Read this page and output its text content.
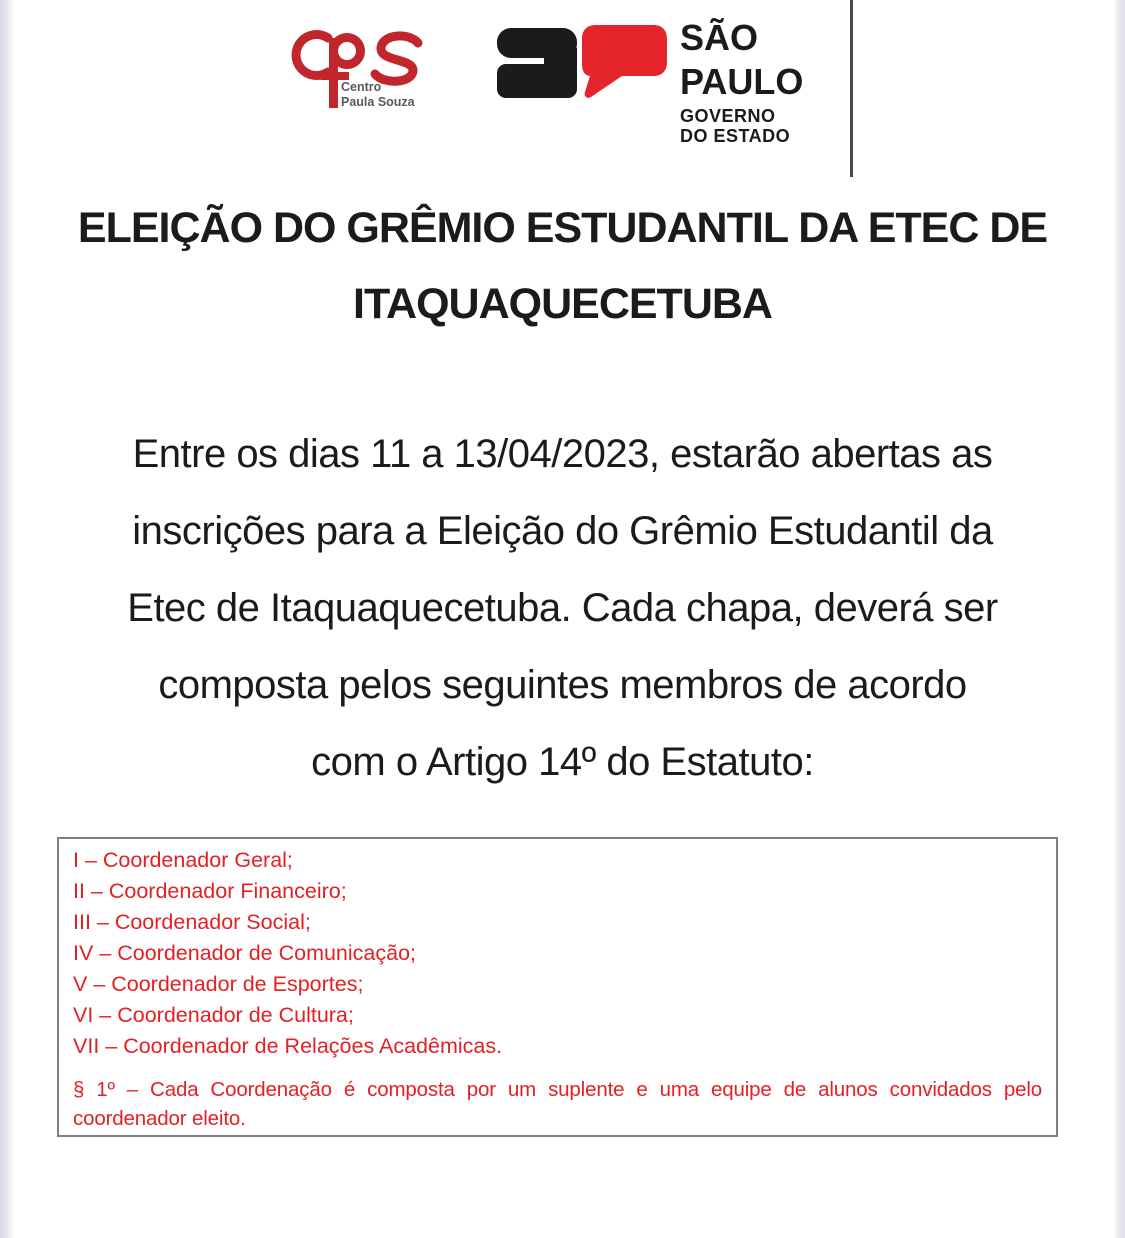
Centro
Paula Souza
SÃO
PAULO
GOVERNO
DO ESTADO
ELEIÇÃO DO GRÊMIO ESTUDANTIL DA ETEC DE
ITAQUAQUECETUBA
Entre os dias 11 a 13/04/2023, estarão abertas as
inscrições para a Eleição do Grêmio Estudantil da
Etec de Itaquaquecetuba. Cada chapa, deverá ser
composta pelos seguintes membros de acordo
com o Artigo 14º do Estatuto:
I – Coordenador Geral;
II – Coordenador Financeiro;
III – Coordenador Social;
IV – Coordenador de Comunicação;
V – Coordenador de Esportes;
VI – Coordenador de Cultura;
VII – Coordenador de Relações Acadêmicas.
§ 1º – Cada Coordenação é composta por um suplente e uma equipe de alunos convidados pelo
coordenador eleito.
